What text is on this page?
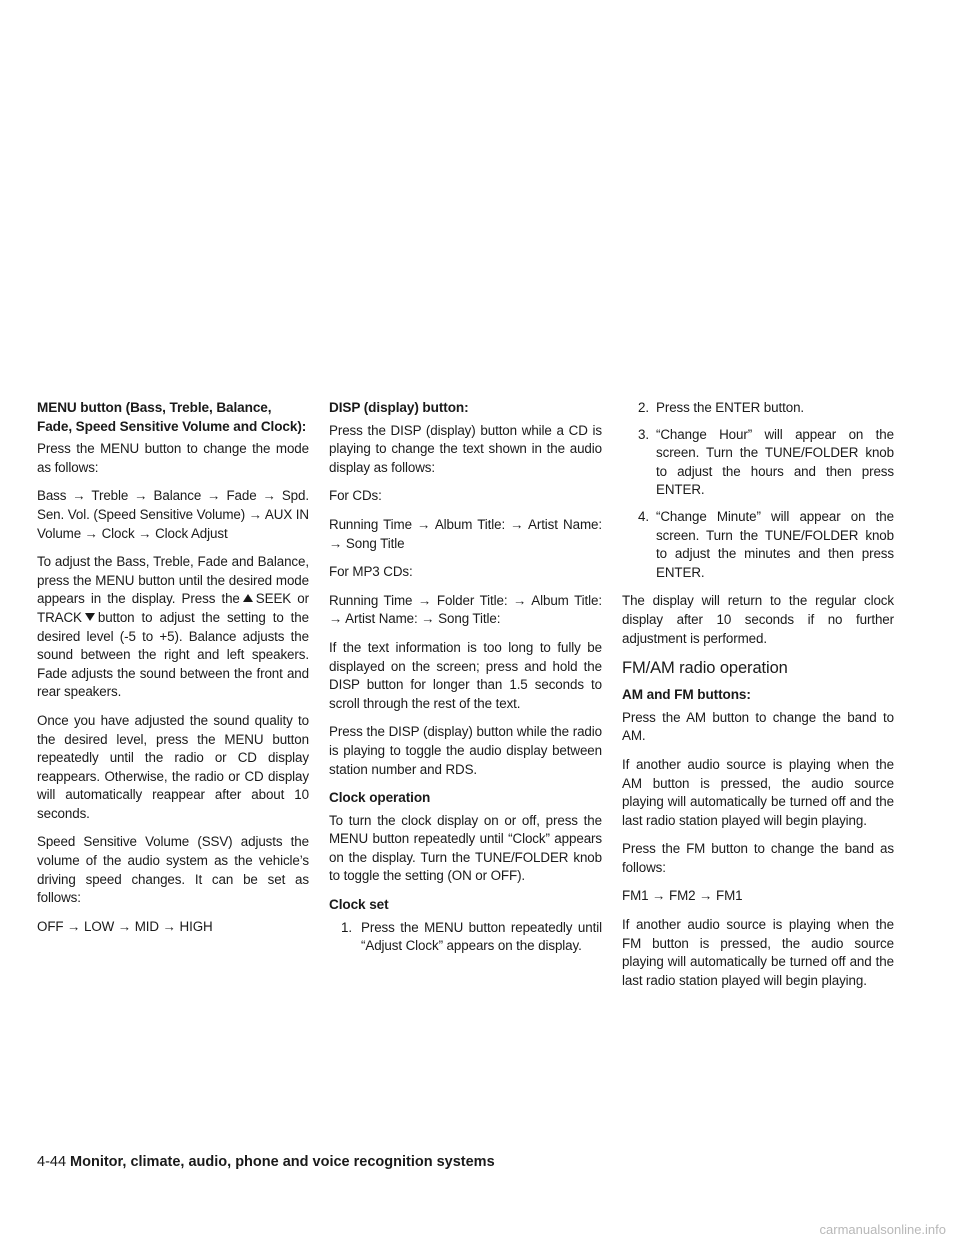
MENU button (Bass, Treble, Balance, Fade, Speed Sensitive Volume and Clock):

Press the MENU button to change the mode as follows:

Bass → Treble → Balance → Fade → Spd. Sen. Vol. (Speed Sensitive Volume) → AUX IN Volume → Clock → Clock Adjust

To adjust the Bass, Treble, Fade and Balance, press the MENU button until the desired mode appears in the display. Press the SEEK or TRACK button to adjust the setting to the desired level (-5 to +5). Balance adjusts the sound between the right and left speakers. Fade adjusts the sound between the front and rear speakers.

Once you have adjusted the sound quality to the desired level, press the MENU button repeatedly until the radio or CD display reappears. Otherwise, the radio or CD display will automatically reappear after about 10 seconds.

Speed Sensitive Volume (SSV) adjusts the volume of the audio system as the vehicle’s driving speed changes. It can be set as follows:

OFF → LOW → MID → HIGH

DISP (display) button:

Press the DISP (display) button while a CD is playing to change the text shown in the audio display as follows:

For CDs:

Running Time → Album Title: → Artist Name: → Song Title

For MP3 CDs:

Running Time → Folder Title: → Album Title: → Artist Name: → Song Title:

If the text information is too long to fully be displayed on the screen; press and hold the DISP button for longer than 1.5 seconds to scroll through the rest of the text.

Press the DISP (display) button while the radio is playing to toggle the audio display between station number and RDS.

Clock operation

To turn the clock display on or off, press the MENU button repeatedly until “Clock” appears on the display. Turn the TUNE/FOLDER knob to toggle the setting (ON or OFF).

Clock set
1. Press the MENU button repeatedly until “Adjust Clock” appears on the display.
2. Press the ENTER button.
3. “Change Hour” will appear on the screen. Turn the TUNE/FOLDER knob to adjust the hours and then press ENTER.
4. “Change Minute” will appear on the screen. Turn the TUNE/FOLDER knob to adjust the minutes and then press ENTER.

The display will return to the regular clock display after 10 seconds if no further adjustment is performed.

FM/AM radio operation
AM and FM buttons:

Press the AM button to change the band to AM.

If another audio source is playing when the AM button is pressed, the audio source playing will automatically be turned off and the last radio station played will begin playing.

Press the FM button to change the band as follows:

FM1 → FM2 → FM1

If another audio source is playing when the FM button is pressed, the audio source playing will automatically be turned off and the last radio station played will begin playing.

4-44 Monitor, climate, audio, phone and voice recognition systems
carmanualsonline.info
